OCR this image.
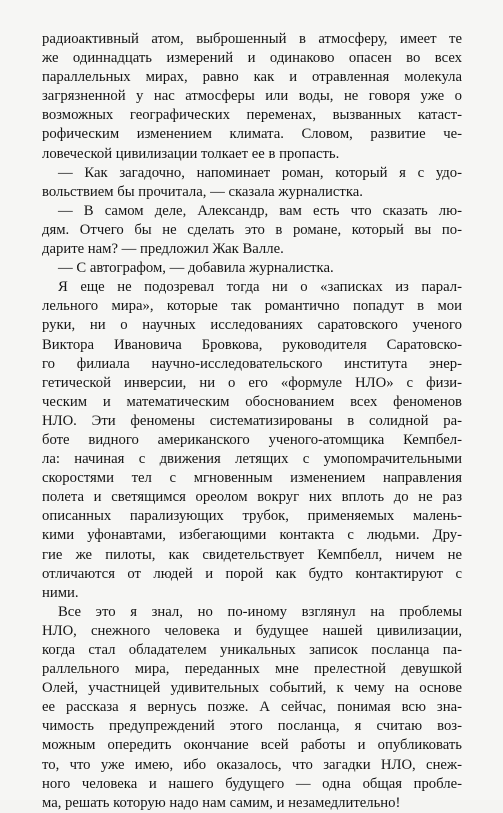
радиоактивный атом, выброшенный в атмосферу, имеет те
же одиннадцать измерений и одинаково опасен во всех
параллельных мирах, равно как и отравленная молекула
загрязненной у нас атмосферы или воды, не говоря уже о
возможных географических переменах, вызванных катаст-
рофическим изменением климата. Словом, развитие че-
ловеческой цивилизации толкает ее в пропасть.

— Как загадочно, напоминает роман, который я с удо-
вольствием бы прочитала, — сказала журналистка.

— В самом деле, Александр, вам есть что сказать лю-
дям. Отчего бы не сделать это в романе, который вы по-
дарите нам? — предложил Жак Валле.

— С автографом, — добавила журналистка.

Я еще не подозревал тогда ни о «записках из парал-
лельного мира», которые так романтично попадут в мои
руки, ни о научных исследованиях саратовского ученого
Виктора Ивановича Бровкова, руководителя Саратовско-
го филиала научно-исследовательского института энер-
гетической инверсии, ни о его «формуле НЛО» с физи-
ческим и математическим обоснованием всех феноменов
НЛО. Эти феномены систематизированы в солидной ра-
боте видного американского ученого-атомщика Кемпбел-
ла: начиная с движения летящих с умопомрачительными
скоростями тел с мгновенным изменением направления
полета и светящимся ореолом вокруг них вплоть до не раз
описанных парализующих трубок, применяемых малень-
кими уфонавтами, избегающими контакта с людьми. Дру-
гие же пилоты, как свидетельствует Кемпбелл, ничем не
отличаются от людей и порой как будто контактируют с
ними.

Все это я знал, но по-иному взглянул на проблемы
НЛО, снежного человека и будущее нашей цивилизации,
когда стал обладателем уникальных записок посланца па-
раллельного мира, переданных мне прелестной девушкой
Олей, участницей удивительных событий, к чему на основе
ее рассказа я вернусь позже. А сейчас, понимая всю зна-
чимость предупреждений этого посланца, я считаю воз-
можным опередить окончание всей работы и опубликовать
то, что уже имею, ибо оказалось, что загадки НЛО, снеж-
ного человека и нашего будущего — одна общая пробле-
ма, решать которую надо нам самим, и незамедлительно!
